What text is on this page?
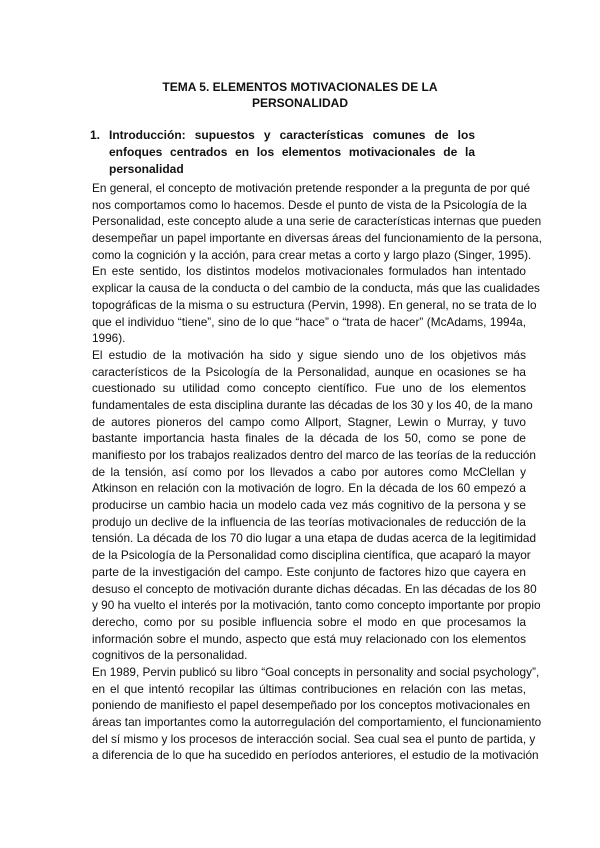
TEMA 5. ELEMENTOS MOTIVACIONALES DE LA
PERSONALIDAD
1. Introducción: supuestos y características comunes de los
enfoques centrados en los elementos motivacionales de la
personalidad
En general, el concepto de motivación pretende responder a la pregunta de por qué
nos comportamos como lo hacemos. Desde el punto de vista de la Psicología de la
Personalidad, este concepto alude a una serie de características internas que pueden
desempeñar un papel importante en diversas áreas del funcionamiento de la persona,
como la cognición y la acción, para crear metas a corto y largo plazo (Singer, 1995).
En este sentido, los distintos modelos motivacionales formulados han intentado
explicar la causa de la conducta o del cambio de la conducta, más que las cualidades
topográficas de la misma o su estructura (Pervin, 1998). En general, no se trata de lo
que el individuo “tiene”, sino de lo que “hace” o “trata de hacer” (McAdams, 1994a,
1996).
El estudio de la motivación ha sido y sigue siendo uno de los objetivos más
característicos de la Psicología de la Personalidad, aunque en ocasiones se ha
cuestionado su utilidad como concepto científico. Fue uno de los elementos
fundamentales de esta disciplina durante las décadas de los 30 y los 40, de la mano
de autores pioneros del campo como Allport, Stagner, Lewin o Murray, y tuvo
bastante importancia hasta finales de la década de los 50, como se pone de
manifiesto por los trabajos realizados dentro del marco de las teorías de la reducción
de la tensión, así como por los llevados a cabo por autores como McClellan y
Atkinson en relación con la motivación de logro. En la década de los 60 empezó a
producirse un cambio hacia un modelo cada vez más cognitivo de la persona y se
produjo un declive de la influencia de las teorías motivacionales de reducción de la
tensión. La década de los 70 dio lugar a una etapa de dudas acerca de la legitimidad
de la Psicología de la Personalidad como disciplina científica, que acaparó la mayor
parte de la investigación del campo. Este conjunto de factores hizo que cayera en
desuso el concepto de motivación durante dichas décadas. En las décadas de los 80
y 90 ha vuelto el interés por la motivación, tanto como concepto importante por propio
derecho, como por su posible influencia sobre el modo en que procesamos la
información sobre el mundo, aspecto que está muy relacionado con los elementos
cognitivos de la personalidad.
En 1989, Pervin publicó su libro “Goal concepts in personality and social psychology”,
en el que intentó recopilar las últimas contribuciones en relación con las metas,
poniendo de manifiesto el papel desempeñado por los conceptos motivacionales en
áreas tan importantes como la autorregulación del comportamiento, el funcionamiento
del sí mismo y los procesos de interacción social. Sea cual sea el punto de partida, y
a diferencia de lo que ha sucedido en períodos anteriores, el estudio de la motivación
